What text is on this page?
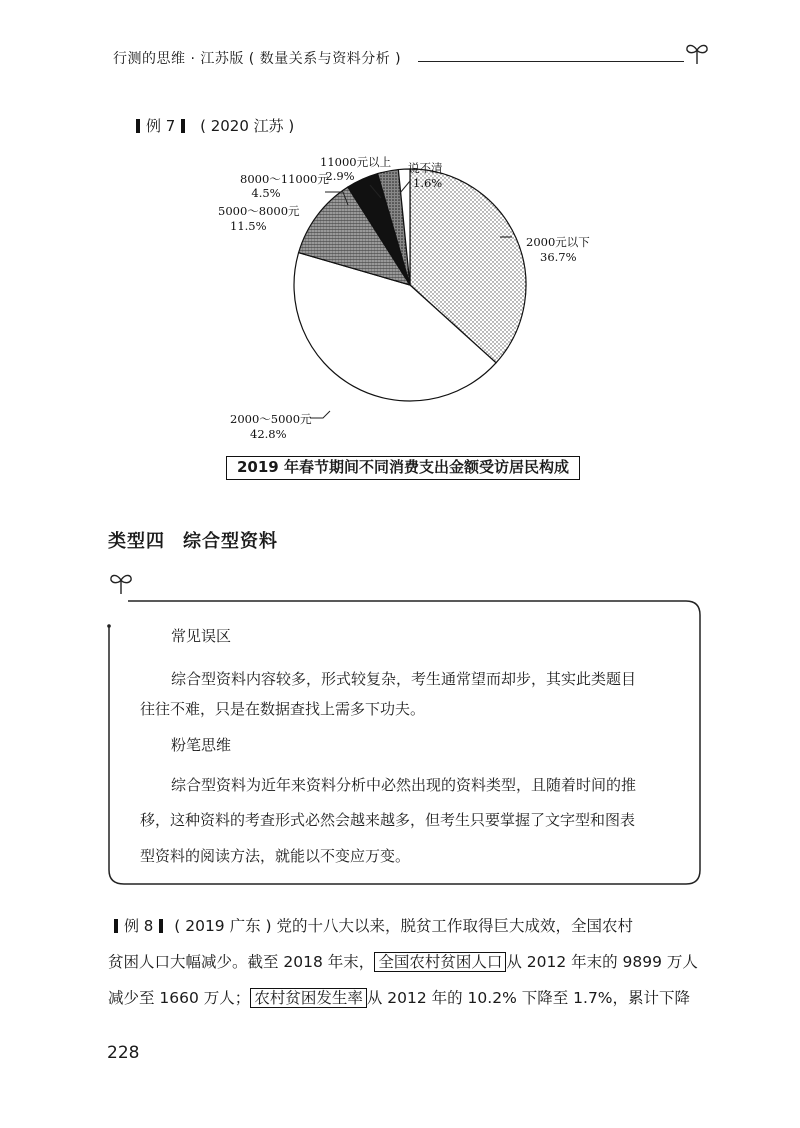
行测的思维 · 江苏版 ( 数量关系与资料分析 )
例 7 ( 2020 江苏 )
11000元以上
2.9%
说不清
1.6%
8000～11000元
4.5%
5000～8000元
11.5%
2000元以下
36.7%
2000～5000元
42.8%
2019 年春节期间不同消费支出金额受访居民构成
类型四 综合型资料
常见误区
综合型资料内容较多，形式较复杂，考生通常望而却步，其实此类题目
往往不难，只是在数据查找上需多下功夫。
粉笔思维
综合型资料为近年来资料分析中必然出现的资料类型，且随着时间的推
移，这种资料的考查形式必然会越来越多，但考生只要掌握了文字型和图表
型资料的阅读方法，就能以不变应万变。
例 8 ( 2019 广东 ) 党的十八大以来，脱贫工作取得巨大成效，全国农村
贫困人口大幅减少。截至 2018 年末， 全国农村贫困人口 从 2012 年末的 9899 万人
减少至 1660 万人； 农村贫困发生率 从 2012 年的 10.2% 下降至 1.7%，累计下降
228
